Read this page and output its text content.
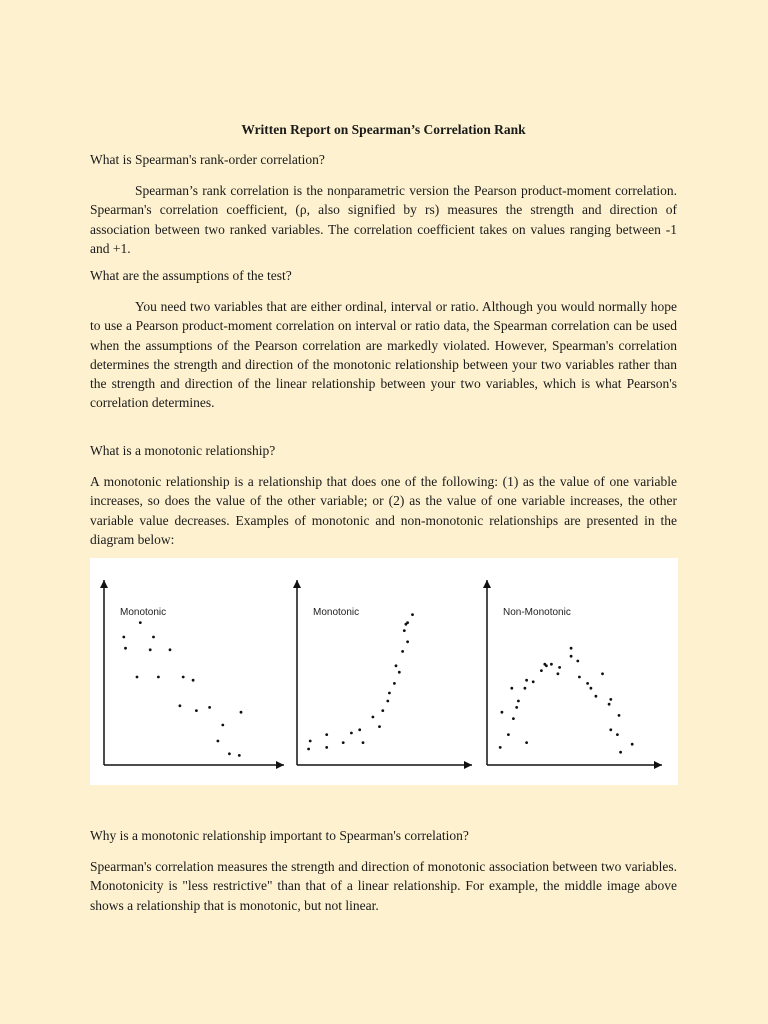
Written Report on Spearman’s Correlation Rank

What is Spearman's rank-order correlation?

Spearman’s rank correlation is the nonparametric version the Pearson product-moment correlation. Spearman's correlation coefficient, (ρ, also signified by rs) measures the strength and direction of association between two ranked variables. The correlation coefficient takes on values ranging between -1 and +1.

What are the assumptions of the test?

You need two variables that are either ordinal, interval or ratio. Although you would normally hope to use a Pearson product-moment correlation on interval or ratio data, the Spearman correlation can be used when the assumptions of the Pearson correlation are markedly violated. However, Spearman's correlation determines the strength and direction of the monotonic relationship between your two variables rather than the strength and direction of the linear relationship between your two variables, which is what Pearson's correlation determines.

What is a monotonic relationship?

A monotonic relationship is a relationship that does one of the following: (1) as the value of one variable increases, so does the value of the other variable; or (2) as the value of one variable increases, the other variable value decreases. Examples of monotonic and non-monotonic relationships are presented in the diagram below:

Monotonic	Monotonic	Non-Monotonic

Why is a monotonic relationship important to Spearman's correlation?

Spearman's correlation measures the strength and direction of monotonic association between two variables. Monotonicity is "less restrictive" than that of a linear relationship. For example, the middle image above shows a relationship that is monotonic, but not linear.
